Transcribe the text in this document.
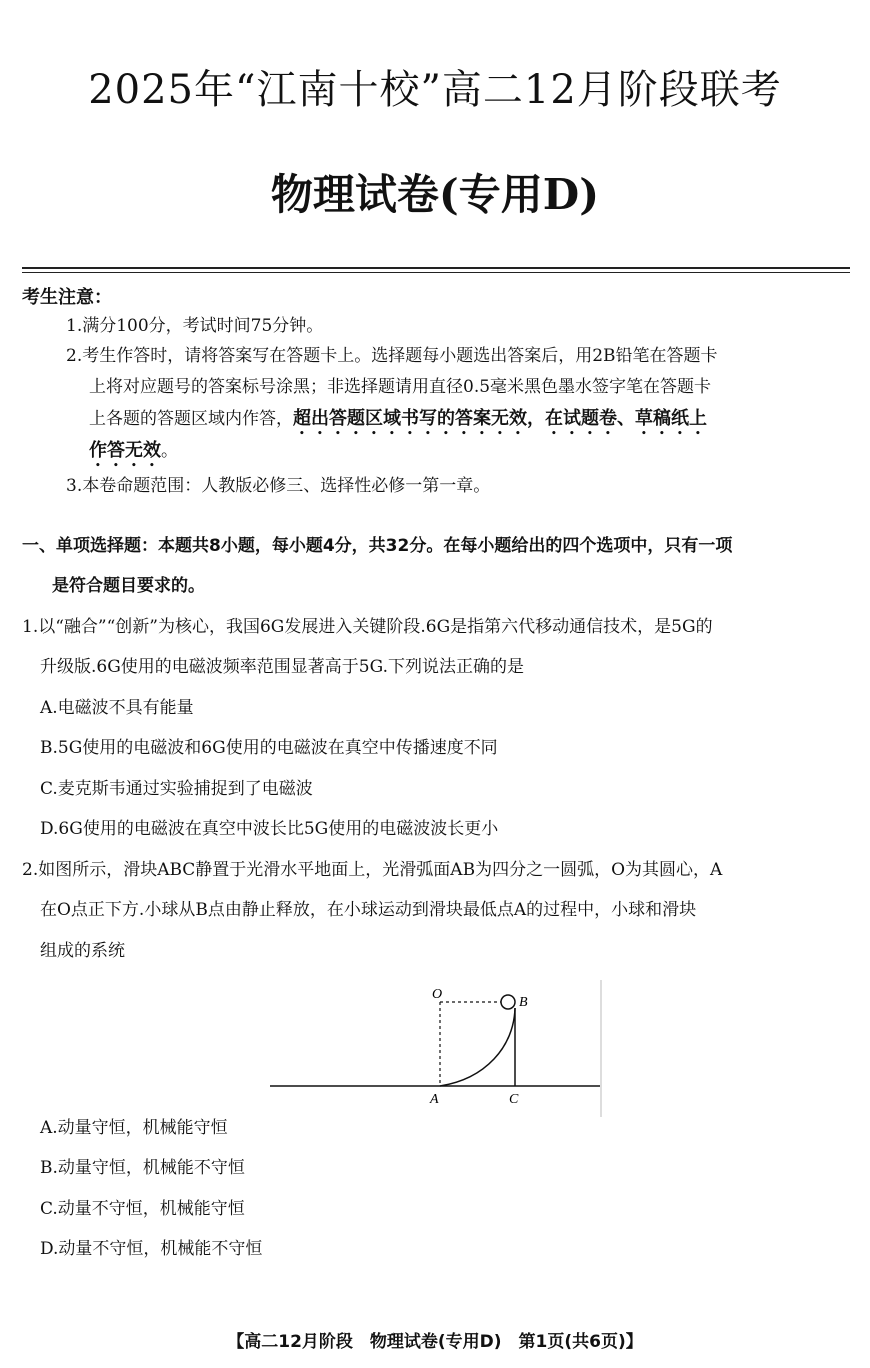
2025年“江南十校”高二12月阶段联考
物理试卷(专用D)
考生注意：
1.满分100分，考试时间75分钟。
2.考生作答时，请将答案写在答题卡上。选择题每小题选出答案后，用2B铅笔在答题卡
上将对应题号的答案标号涂黑；非选择题请用直径0.5毫米黑色墨水签字笔在答题卡
上各题的答题区域内作答，超出答题区域书写的答案无效，在试题卷、草稿纸上
作答无效。
3.本卷命题范围：人教版必修三、选择性必修一第一章。
一、单项选择题：本题共8小题，每小题4分，共32分。在每小题给出的四个选项中，只有一项
是符合题目要求的。
1.以“融合”“创新”为核心，我国6G发展进入关键阶段.6G是指第六代移动通信技术，是5G的
升级版.6G使用的电磁波频率范围显著高于5G.下列说法正确的是
A.电磁波不具有能量
B.5G使用的电磁波和6G使用的电磁波在真空中传播速度不同
C.麦克斯韦通过实验捕捉到了电磁波
D.6G使用的电磁波在真空中波长比5G使用的电磁波波长更小
2.如图所示，滑块ABC静置于光滑水平地面上，光滑弧面AB为四分之一圆弧，O为其圆心，A
在O点正下方.小球从B点由静止释放，在小球运动到滑块最低点A的过程中，小球和滑块
组成的系统
O
B
A	C
A.动量守恒，机械能守恒
B.动量守恒，机械能不守恒
C.动量不守恒，机械能守恒
D.动量不守恒，机械能不守恒
【高二12月阶段　物理试卷(专用D)　第1页(共6页)】
